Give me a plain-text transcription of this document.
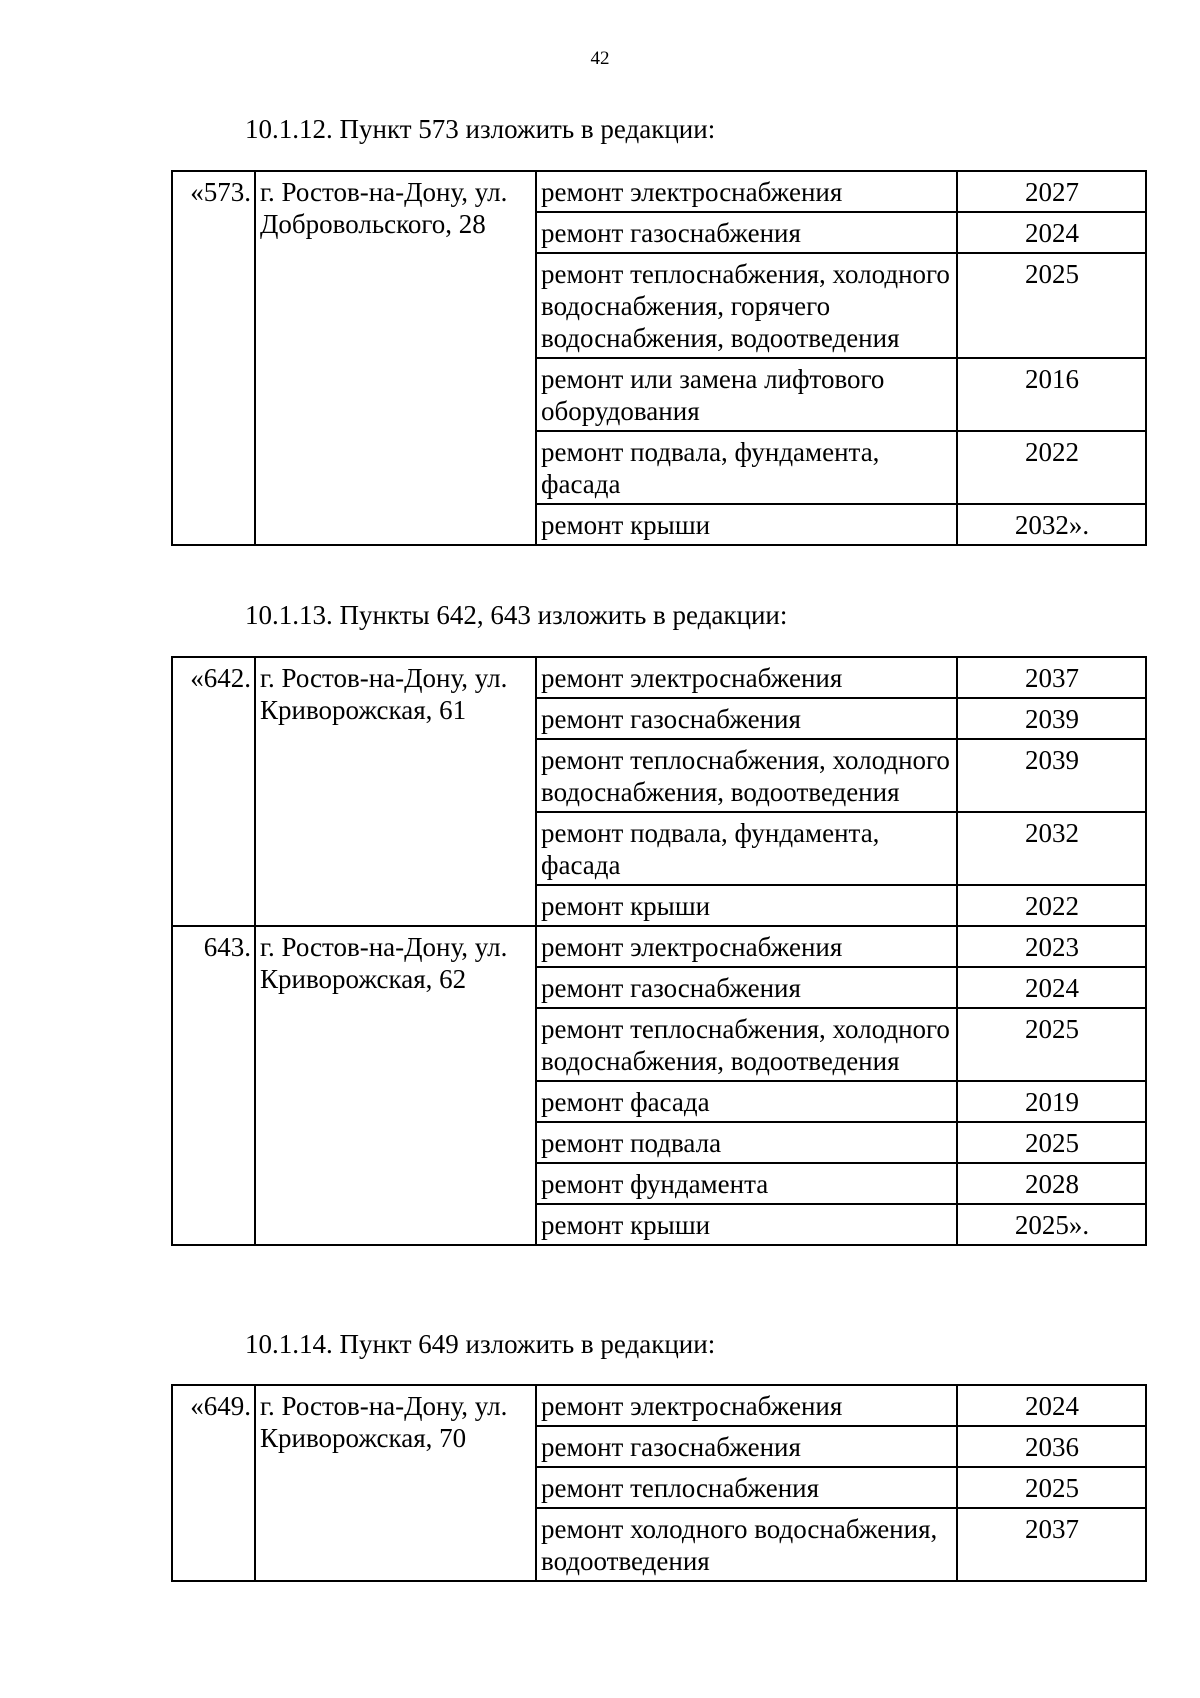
42
10.1.12. Пункт 573 изложить в редакции:
«573.	г. Ростов-на-Дону, ул. Добровольского, 28	ремонт электроснабжения	2027
		ремонт газоснабжения	2024
		ремонт теплоснабжения, холодного водоснабжения, горячего водоснабжения, водоотведения	2025
		ремонт или замена лифтового оборудования	2016
		ремонт подвала, фундамента, фасада	2022
		ремонт крыши	2032».
10.1.13. Пункты 642, 643 изложить в редакции:
«642.	г. Ростов-на-Дону, ул. Криворожская, 61	ремонт электроснабжения	2037
		ремонт газоснабжения	2039
		ремонт теплоснабжения, холодного водоснабжения, водоотведения	2039
		ремонт подвала, фундамента, фасада	2032
		ремонт крыши	2022
643.	г. Ростов-на-Дону, ул. Криворожская, 62	ремонт электроснабжения	2023
		ремонт газоснабжения	2024
		ремонт теплоснабжения, холодного водоснабжения, водоотведения	2025
		ремонт фасада	2019
		ремонт подвала	2025
		ремонт фундамента	2028
		ремонт крыши	2025».
10.1.14. Пункт 649 изложить в редакции:
«649.	г. Ростов-на-Дону, ул. Криворожская, 70	ремонт электроснабжения	2024
		ремонт газоснабжения	2036
		ремонт теплоснабжения	2025
		ремонт холодного водоснабжения, водоотведения	2037
